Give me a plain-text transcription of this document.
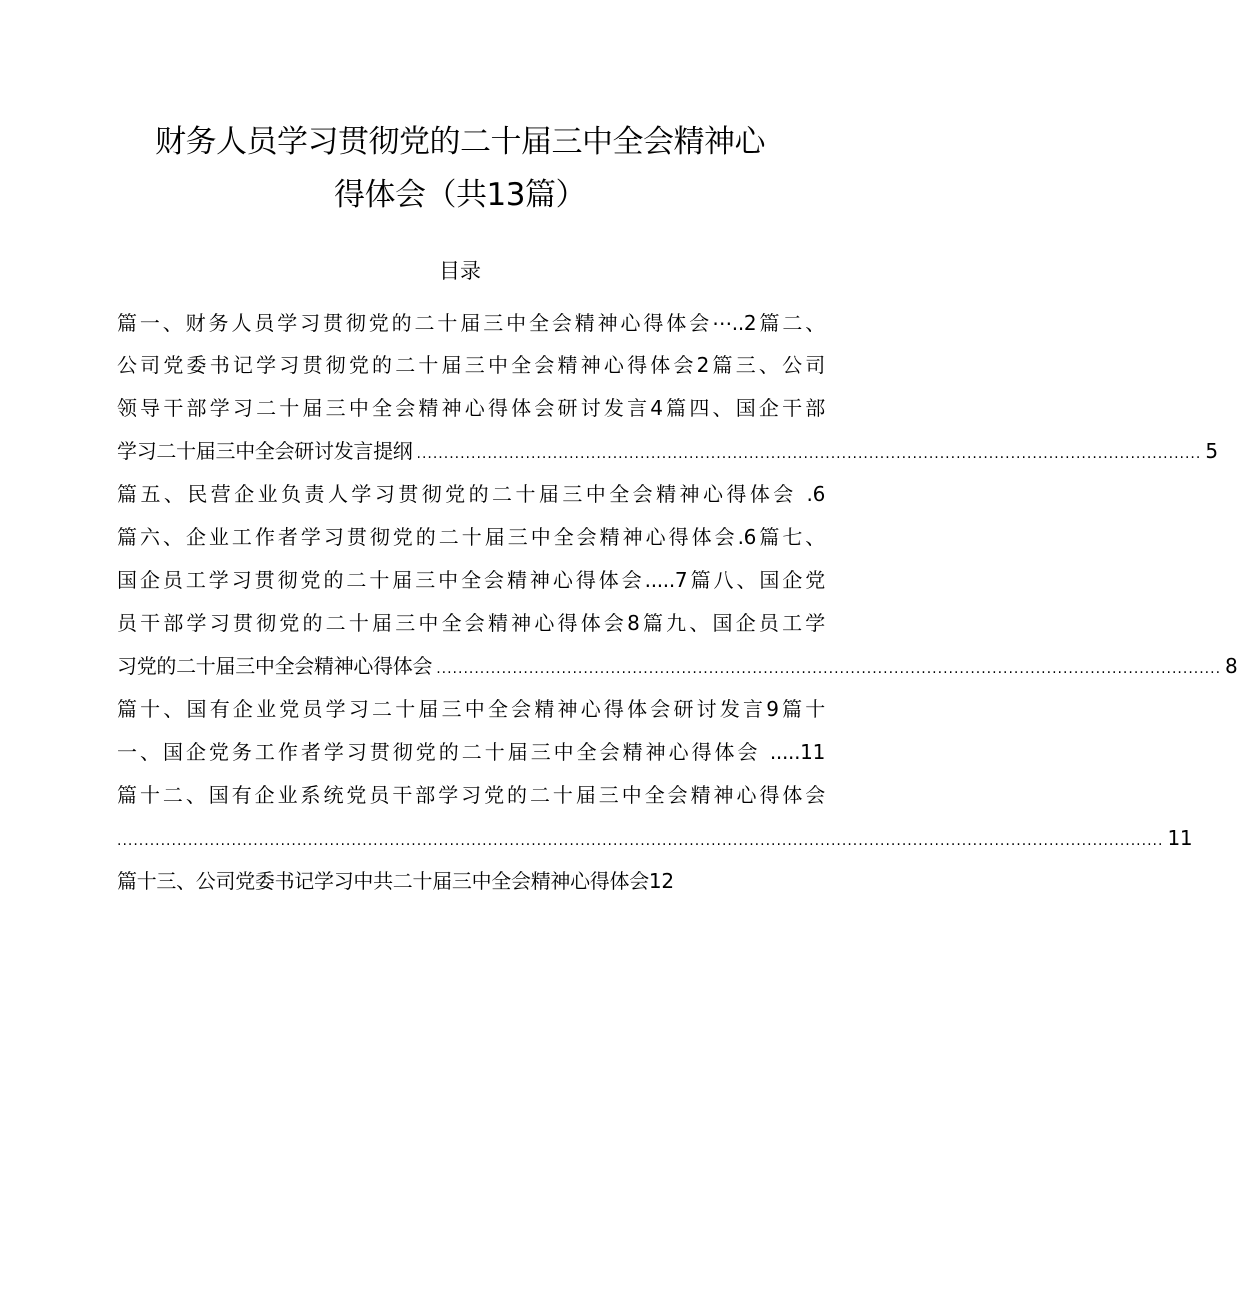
财务人员学习贯彻党的二十届三中全会精神心
得体会（共13篇）
目录
篇一、财务人员学习贯彻党的二十届三中全会精神心得体会⋯..2篇二、
公司党委书记学习贯彻党的二十届三中全会精神心得体会2篇三、公司
领导干部学习二十届三中全会精神心得体会研讨发言4篇四、国企干部
学习二十届三中全会研讨发言提纲 ................................................................................................................................................ 5
篇五、民营企业负责人学习贯彻党的二十届三中全会精神心得体会 .6
篇六、企业工作者学习贯彻党的二十届三中全会精神心得体会.6篇七、
国企员工学习贯彻党的二十届三中全会精神心得体会.....7篇八、国企党
员干部学习贯彻党的二十届三中全会精神心得体会8篇九、国企员工学
习党的二十届三中全会精神心得体会 ................................................................................................................................................ 8
篇十、国有企业党员学习二十届三中全会精神心得体会研讨发言9篇十
一、国企党务工作者学习贯彻党的二十届三中全会精神心得体会 .....11
篇十二、国有企业系统党员干部学习党的二十届三中全会精神心得体会
................................................................................................................................................................................................ 11
篇十三、公司党委书记学习中共二十届三中全会精神心得体会12
